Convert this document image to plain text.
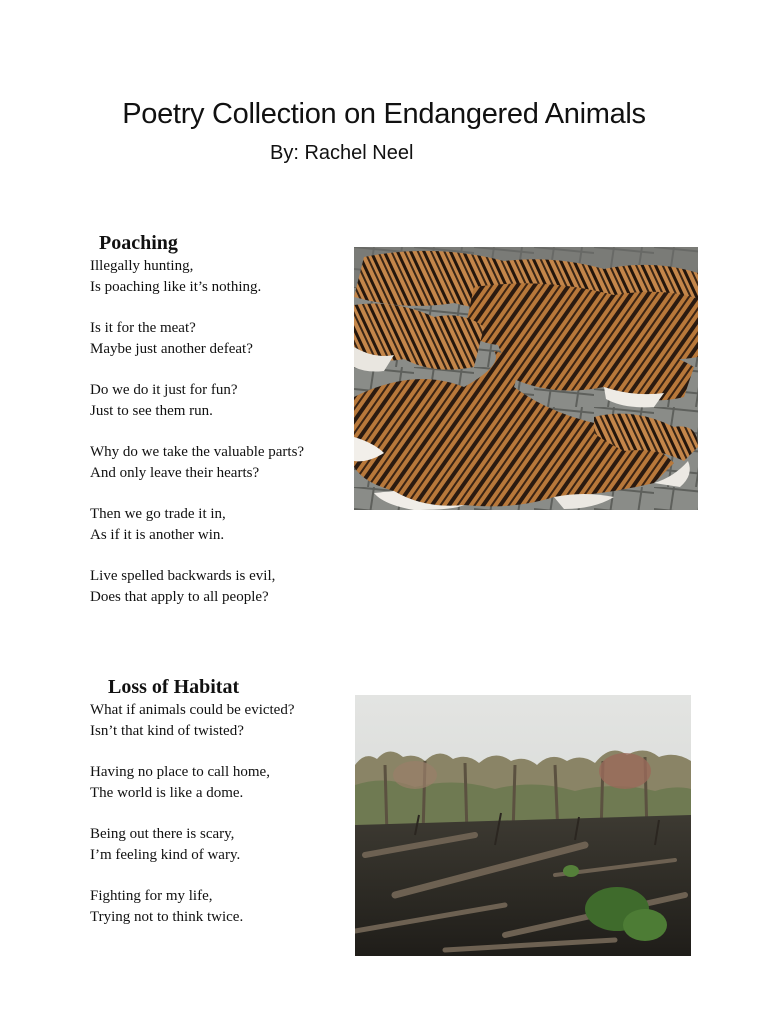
Poetry Collection on Endangered Animals

By: Rachel Neel

Poaching

Illegally hunting,
Is poaching like it’s nothing.

Is it for the meat?
Maybe just another defeat?

Do we do it just for fun?
Just to see them run.

Why do we take the valuable parts?
And only leave their hearts?

Then we go trade it in,
As if it is another win.

Live spelled backwards is evil,
Does that apply to all people?

Loss of Habitat

What if animals could be evicted?
Isn’t that kind of twisted?

Having no place to call home,
The world is like a dome.

Being out there is scary,
I’m feeling kind of wary.

Fighting for my life,
Trying not to think twice.
